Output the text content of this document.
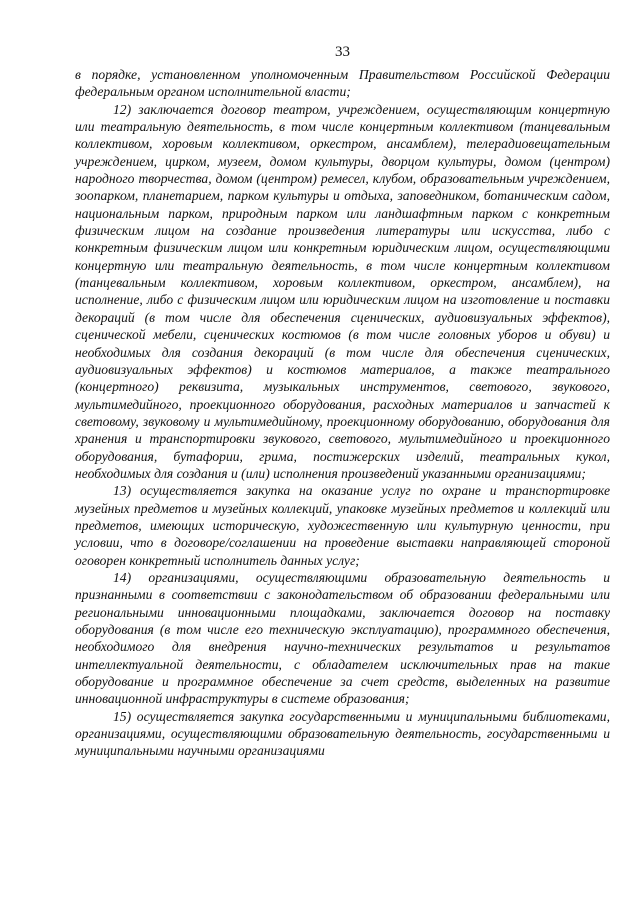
33

в порядке, установленном уполномоченным Правительством Российской Федерации федеральным органом исполнительной власти;

12) заключается договор театром, учреждением, осуществляющим концертную или театральную деятельность, в том числе концертным коллективом (танцевальным коллективом, хоровым коллективом, оркестром, ансамблем), телерадиовещательным учреждением, цирком, музеем, домом культуры, дворцом культуры, домом (центром) народного творчества, домом (центром) ремесел, клубом, образовательным учреждением, зоопарком, планетарием, парком культуры и отдыха, заповедником, ботаническим садом, национальным парком, природным парком или ландшафтным парком с конкретным физическим лицом на создание произведения литературы или искусства, либо с конкретным физическим лицом или конкретным юридическим лицом, осуществляющими концертную или театральную деятельность, в том числе концертным коллективом (танцевальным коллективом, хоровым коллективом, оркестром, ансамблем), на исполнение, либо с физическим лицом или юридическим лицом на изготовление и поставки декораций (в том числе для обеспечения сценических, аудиовизуальных эффектов), сценической мебели, сценических костюмов (в том числе головных уборов и обуви) и необходимых для создания декораций (в том числе для обеспечения сценических, аудиовизуальных эффектов) и костюмов материалов, а также театрального (концертного) реквизита, музыкальных инструментов, светового, звукового, мультимедийного, проекционного оборудования, расходных материалов и запчастей к световому, звуковому и мультимедийному, проекционному оборудованию, оборудования для хранения и транспортировки звукового, светового, мультимедийного и проекционного оборудования, бутафории, грима, постижерских изделий, театральных кукол, необходимых для создания и (или) исполнения произведений указанными организациями;

13) осуществляется закупка на оказание услуг по охране и транспортировке музейных предметов и музейных коллекций, упаковке музейных предметов и коллекций или предметов, имеющих историческую, художественную или культурную ценности, при условии, что в договоре/соглашении на проведение выставки направляющей стороной оговорен конкретный исполнитель данных услуг;

14) организациями, осуществляющими образовательную деятельность и признанными в соответствии с законодательством об образовании федеральными или региональными инновационными площадками, заключается договор на поставку оборудования (в том числе его техническую эксплуатацию), программного обеспечения, необходимого для внедрения научно-технических результатов и результатов интеллектуальной деятельности, с обладателем исключительных прав на такие оборудование и программное обеспечение за счет средств, выделенных на развитие инновационной инфраструктуры в системе образования;

15) осуществляется закупка государственными и муниципальными библиотеками, организациями, осуществляющими образовательную деятельность, государственными и муниципальными научными организациями
